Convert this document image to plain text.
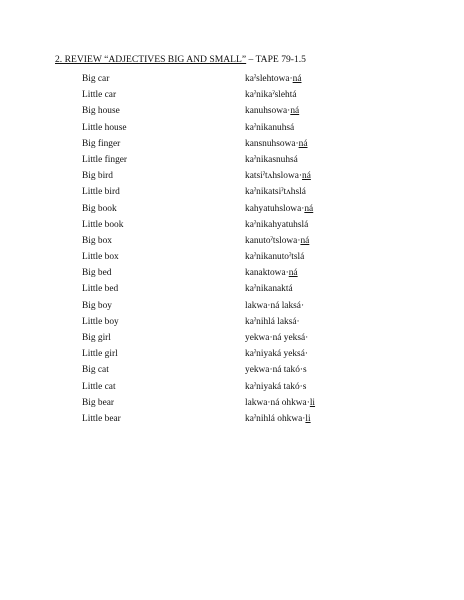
2. REVIEW “ADJECTIVES BIG AND SMALL” – TAPE 79-1.5
Big car	kaˀslehtowa·ná
Little car	kaˀnikaˀslehtá
Big house	kanuhsowa·ná
Little house	kaˀnikanuhsá
Big finger	kansnuhsowa·ná
Little finger	kaˀnikasnuhsá
Big bird	katsiˀtʌhslowa·ná
Little bird	kaˀnikatsiˀtʌhslá
Big book	kahyatuhslowa·ná
Little book	kaˀnikahyatuhslá
Big box	kanutoˀtslowa·ná
Little box	kaˀnikanutoˀtslá
Big bed	kanaktowa·ná
Little bed	kaˀnikanaktá
Big boy	lakwa·ná laksá·
Little boy	kaˀnihlá laksá·
Big girl	yekwa·ná yeksá·
Little girl	kaˀniyaká yeksá·
Big cat	yekwa·ná takó·s
Little cat	kaˀniyaká takó·s
Big bear	lakwa·ná ohkwa·li
Little bear	kaˀnihlá ohkwa·li
